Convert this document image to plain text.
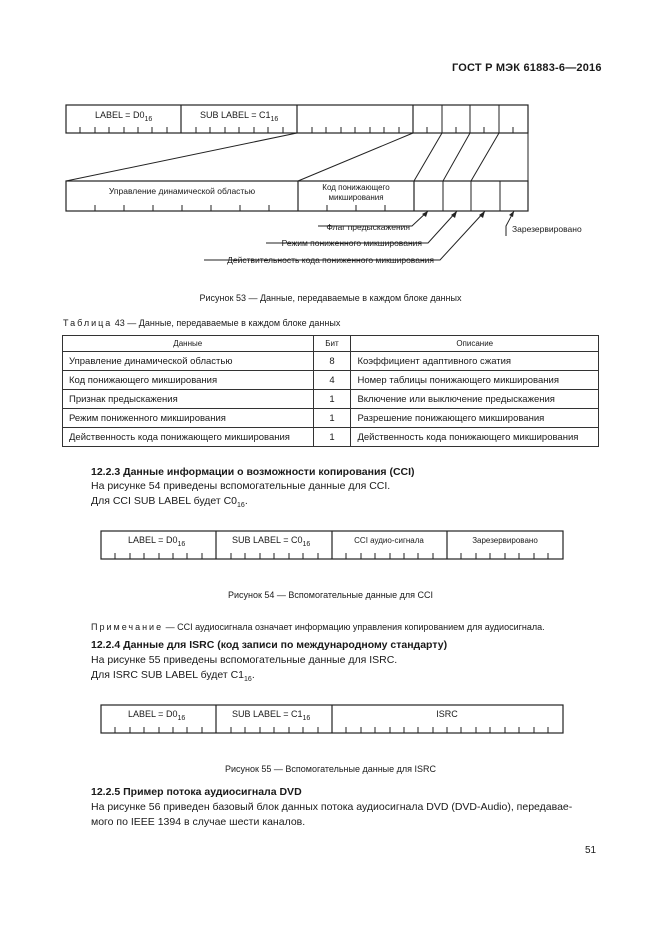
ГОСТ Р МЭК 61883-6—2016
LABEL = $D0_{16}$	SUB LABEL = $C1_{16}$
Управление динамической областью	Код понижающего
микширования
Флаг предыскажения
Режим пониженного микширования
Действительность кода пониженного микширования
Зарезервировано
Рисунок 53 — Данные, передаваемые в каждом блоке данных
Таблица 43 — Данные, передаваемые в каждом блоке данных
Данные	Бит	Описание
Управление динамической областью	8	Коэффициент адаптивного сжатия
Код понижающего микширования	4	Номер таблицы понижающего микширования
Признак предыскажения	1	Включение или выключение предыскажения
Режим пониженного микширования	1	Разрешение понижающего микширования
Действенность кода понижающего микширования	1	Действенность кода понижающего микширования
12.2.3 Данные информации о возможности копирования (CCI)
На рисунке 54 приведены вспомогательные данные для CCI.
Для CCI SUB LABEL будет $C0_{16}$.
LABEL = $D0_{16}$	SUB LABEL = $C0_{16}$	CCI аудио-сигнала	Зарезервировано
Рисунок 54 — Вспомогательные данные для CCI
Примечание — CCI аудиосигнала означает информацию управления копированием для аудиосигнала.
12.2.4 Данные для ISRC (код записи по международному стандарту)
На рисунке 55 приведены вспомогательные данные для ISRC.
Для ISRC SUB LABEL будет $C1_{16}$.
LABEL = $D0_{16}$	SUB LABEL = $C1_{16}$	ISRC
Рисунок 55 — Вспомогательные данные для ISRC
12.2.5 Пример потока аудиосигнала DVD
На рисунке 56 приведен базовый блок данных потока аудиосигнала DVD (DVD-Audio), передавае-
мого по IEEE 1394 в случае шести каналов.
51
